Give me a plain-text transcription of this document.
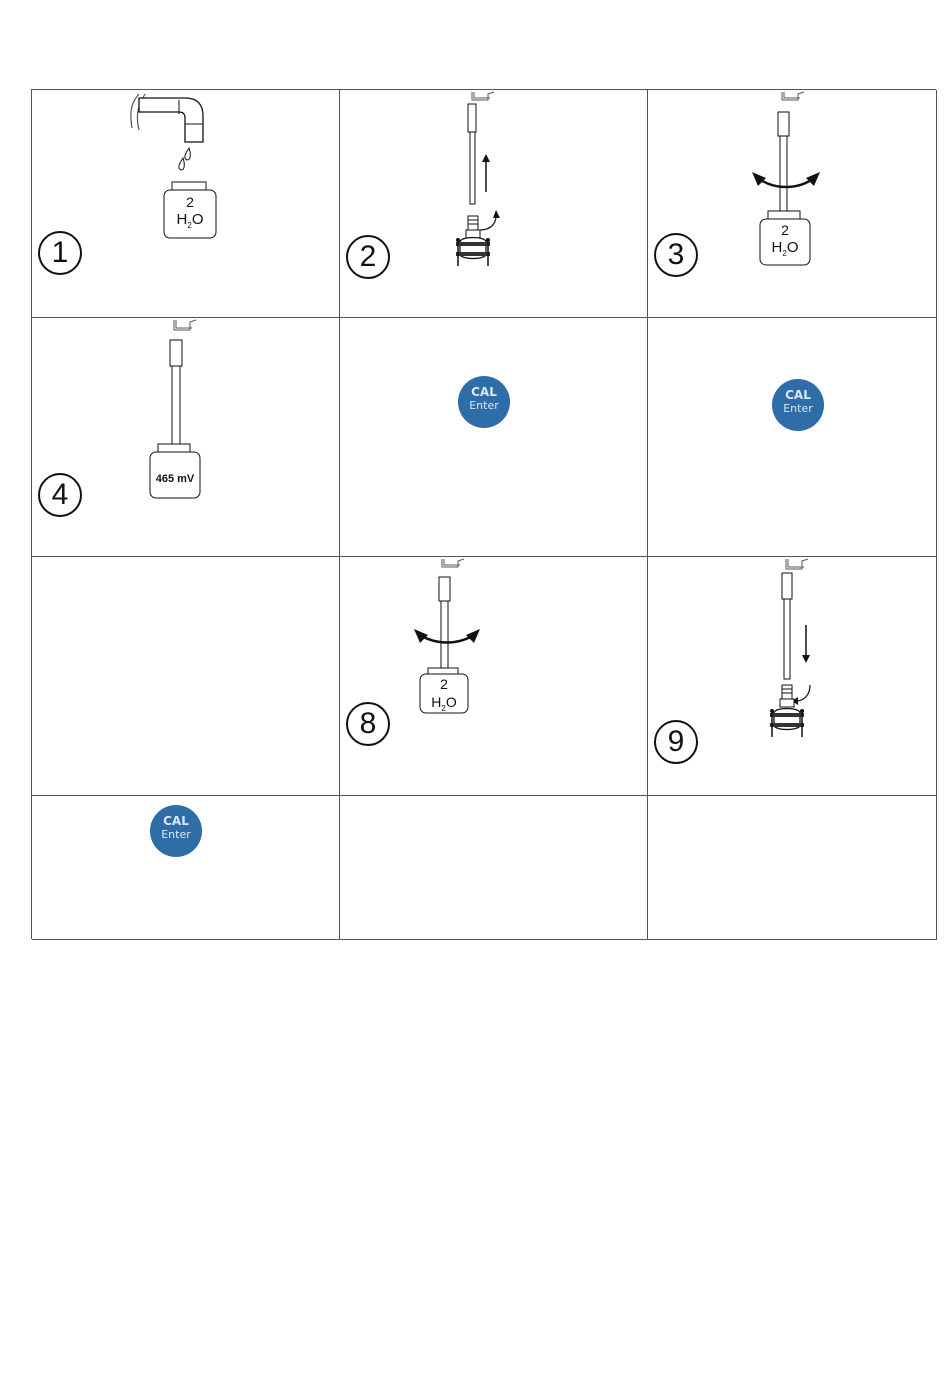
2
$H_2O$
1	2
2
$H_2O$
3
465 mV
4
CAL
Enter
CAL
Enter
2
$H_2O$
8
9
CAL
Enter
